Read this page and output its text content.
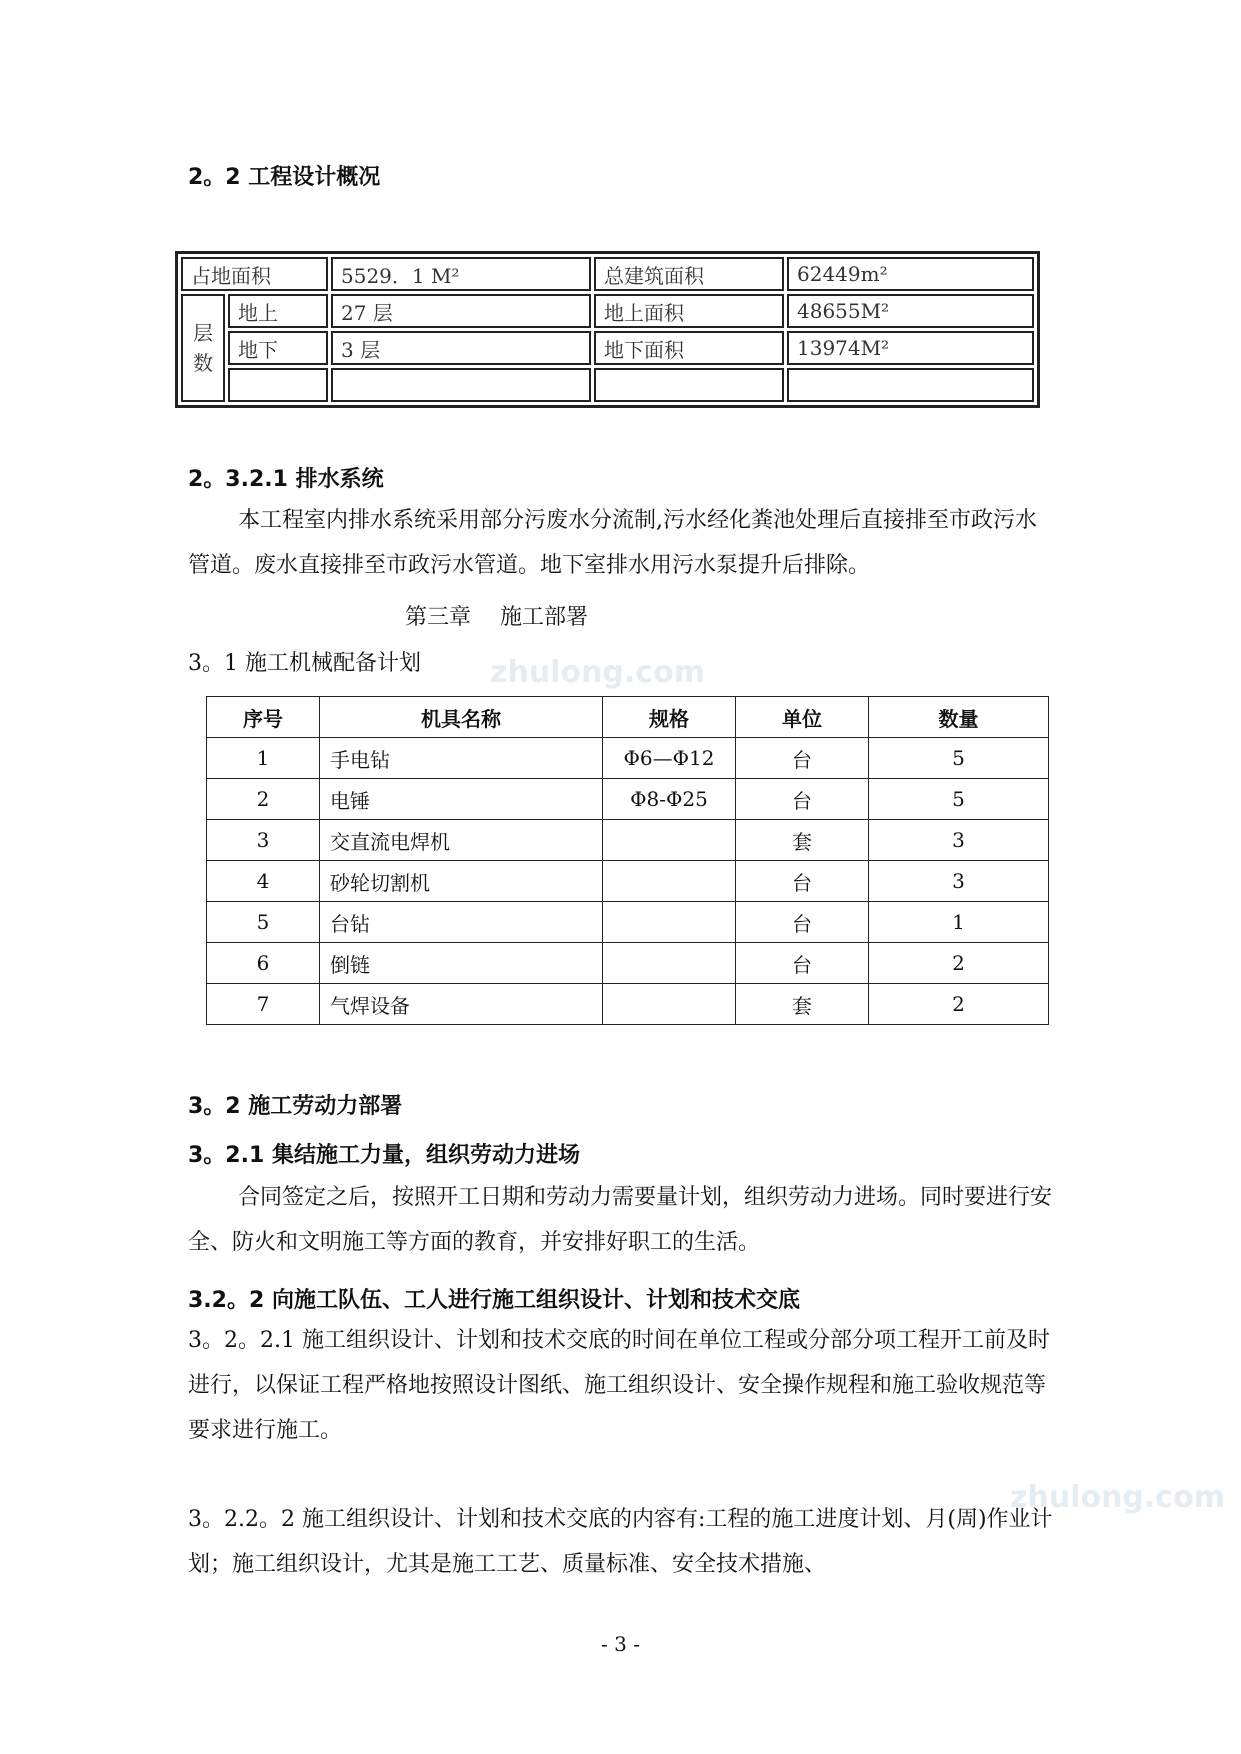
zhulong.com
zhulong.com
2。2 工程设计概况
占地面积		5529．1 M²	总建筑面积	62449m²
层数	地上	27 层	地上面积	48655M²
	地下	3 层	地下面积	13974M²

2。3.2.1 排水系统
本工程室内排水系统采用部分污废水分流制,污水经化粪池处理后直接排至市政污水管道。废水直接排至市政污水管道。地下室排水用污水泵提升后排除。
第三章　 施工部署
3。1 施工机械配备计划
序号	机具名称	规格	单位	数量
1	手电钻	Φ6—Φ12	台	5
2	电锤	Φ8-Φ25	台	5
3	交直流电焊机		套	3
4	砂轮切割机		台	3
5	台钻		台	1
6	倒链		台	2
7	气焊设备		套	2
3。2 施工劳动力部署
3。2.1 集结施工力量，组织劳动力进场
合同签定之后，按照开工日期和劳动力需要量计划，组织劳动力进场。同时要进行安全、防火和文明施工等方面的教育，并安排好职工的生活。
3.2。2 向施工队伍、工人进行施工组织设计、计划和技术交底
3。2。2.1 施工组织设计、计划和技术交底的时间在单位工程或分部分项工程开工前及时进行，以保证工程严格地按照设计图纸、施工组织设计、安全操作规程和施工验收规范等要求进行施工。
3。2.2。2 施工组织设计、计划和技术交底的内容有:工程的施工进度计划、月(周)作业计划；施工组织设计，尤其是施工工艺、质量标准、安全技术措施、
- 3 -
